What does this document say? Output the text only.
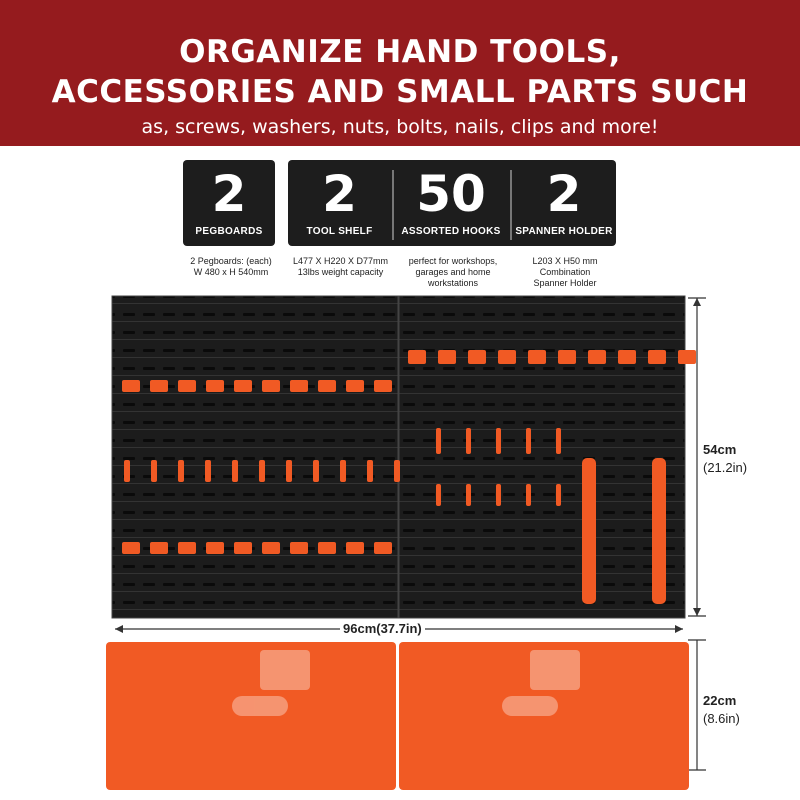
ORGANIZE HAND TOOLS,
ACCESSORIES AND SMALL PARTS SUCH
as, screws, washers, nuts, bolts, nails, clips and more!
2
PEGBOARDS
2
TOOL SHELF
50
ASSORTED HOOKS
2
SPANNER HOLDER
2 Pegboards: (each)
W 480 x H 540mm
L477 X H220 X D77mm
13lbs weight capacity
perfect for workshops,
garages and home
workstations
L203 X H50 mm
Combination
Spanner Holder
54cm
(21.2in)
96cm(37.7in)
22cm
(8.6in)
